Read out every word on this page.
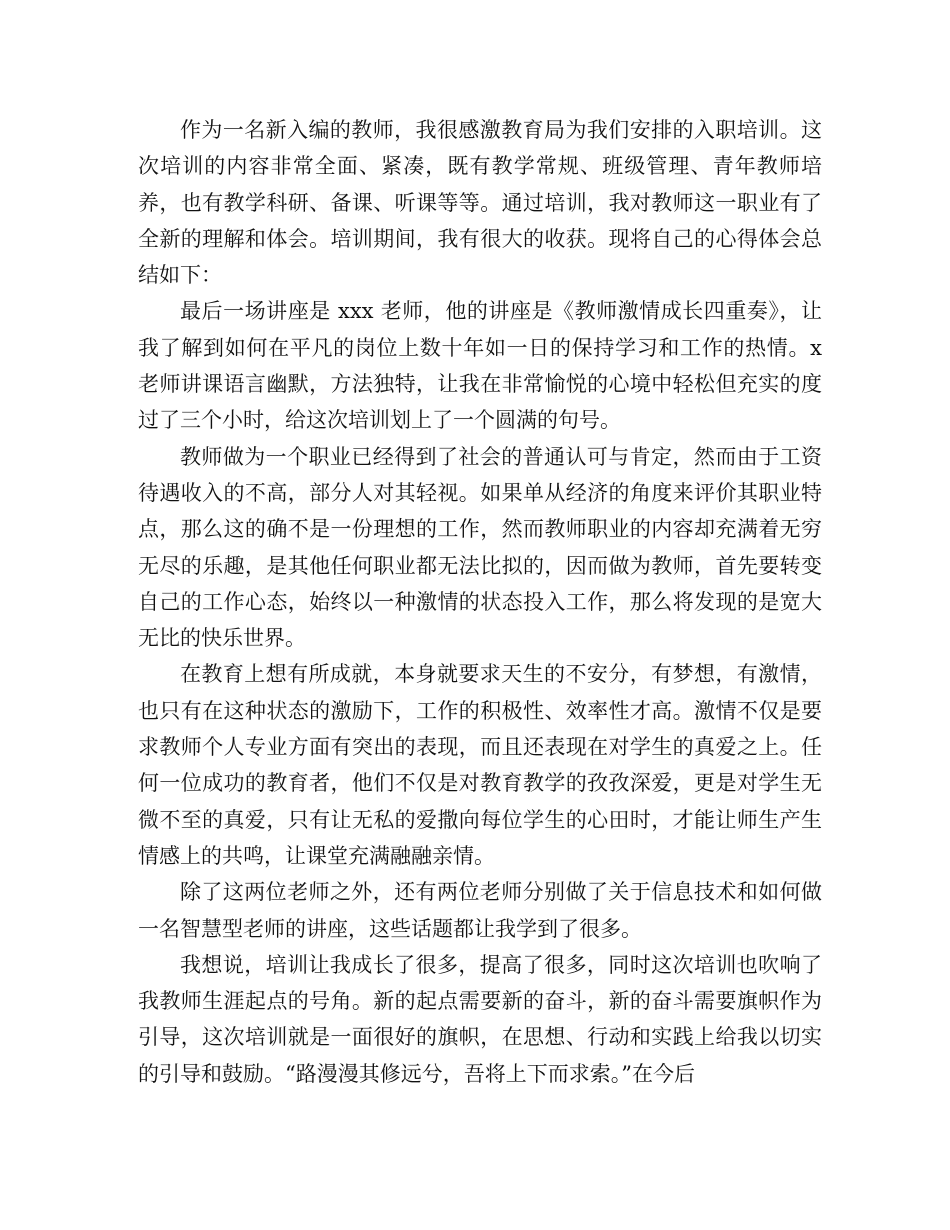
作为一名新入编的教师，我很感激教育局为我们安排的入职培训。这次培训的内容非常全面、紧凑，既有教学常规、班级管理、青年教师培养，也有教学科研、备课、听课等等。通过培训，我对教师这一职业有了全新的理解和体会。培训期间，我有很大的收获。现将自己的心得体会总结如下：

最后一场讲座是 xxx 老师，他的讲座是《教师激情成长四重奏》，让我了解到如何在平凡的岗位上数十年如一日的保持学习和工作的热情。x 老师讲课语言幽默，方法独特，让我在非常愉悦的心境中轻松但充实的度过了三个小时，给这次培训划上了一个圆满的句号。

教师做为一个职业已经得到了社会的普通认可与肯定，然而由于工资待遇收入的不高，部分人对其轻视。如果单从经济的角度来评价其职业特点，那么这的确不是一份理想的工作，然而教师职业的内容却充满着无穷无尽的乐趣，是其他任何职业都无法比拟的，因而做为教师，首先要转变自己的工作心态，始终以一种激情的状态投入工作，那么将发现的是宽大无比的快乐世界。

在教育上想有所成就，本身就要求天生的不安分，有梦想，有激情，也只有在这种状态的激励下，工作的积极性、效率性才高。激情不仅是要求教师个人专业方面有突出的表现，而且还表现在对学生的真爱之上。任何一位成功的教育者，他们不仅是对教育教学的孜孜深爱，更是对学生无微不至的真爱，只有让无私的爱撒向每位学生的心田时，才能让师生产生情感上的共鸣，让课堂充满融融亲情。

除了这两位老师之外，还有两位老师分别做了关于信息技术和如何做一名智慧型老师的讲座，这些话题都让我学到了很多。

我想说，培训让我成长了很多，提高了很多，同时这次培训也吹响了我教师生涯起点的号角。新的起点需要新的奋斗，新的奋斗需要旗帜作为引导，这次培训就是一面很好的旗帜，在思想、行动和实践上给我以切实的引导和鼓励。“路漫漫其修远兮，吾将上下而求索。”在今后
